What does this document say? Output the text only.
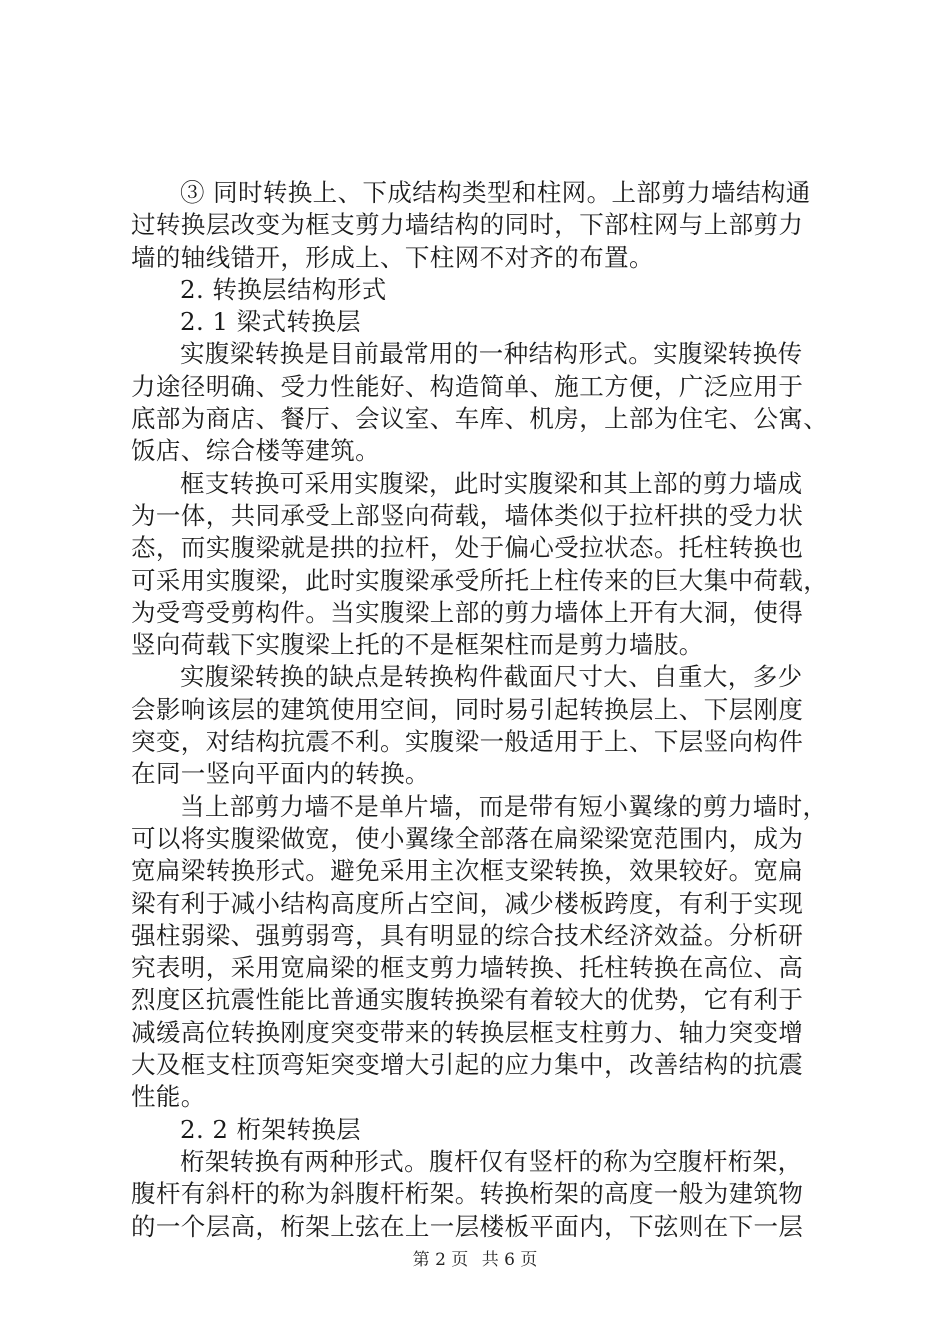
③ 同时转换上、下成结构类型和柱网。上部剪力墙结构通
过转换层改变为框支剪力墙结构的同时，下部柱网与上部剪力
墙的轴线错开，形成上、下柱网不对齐的布置。
2. 转换层结构形式
2. 1 梁式转换层
实腹梁转换是目前最常用的一种结构形式。实腹梁转换传
力途径明确、受力性能好、构造简单、施工方便，广泛应用于
底部为商店、餐厅、会议室、车库、机房，上部为住宅、公寓、
饭店、综合楼等建筑。
框支转换可采用实腹梁，此时实腹梁和其上部的剪力墙成
为一体，共同承受上部竖向荷载，墙体类似于拉杆拱的受力状
态，而实腹梁就是拱的拉杆，处于偏心受拉状态。托柱转换也
可采用实腹梁，此时实腹梁承受所托上柱传来的巨大集中荷载，
为受弯受剪构件。当实腹梁上部的剪力墙体上开有大洞，使得
竖向荷载下实腹梁上托的不是框架柱而是剪力墙肢。
实腹梁转换的缺点是转换构件截面尺寸大、自重大，多少
会影响该层的建筑使用空间，同时易引起转换层上、下层刚度
突变，对结构抗震不利。实腹梁一般适用于上、下层竖向构件
在同一竖向平面内的转换。
当上部剪力墙不是单片墙，而是带有短小翼缘的剪力墙时，
可以将实腹梁做宽，使小翼缘全部落在扁梁梁宽范围内，成为
宽扁梁转换形式。避免采用主次框支梁转换，效果较好。宽扁
梁有利于减小结构高度所占空间，减少楼板跨度，有利于实现
强柱弱梁、强剪弱弯，具有明显的综合技术经济效益。分析研
究表明，采用宽扁梁的框支剪力墙转换、托柱转换在高位、高
烈度区抗震性能比普通实腹转换梁有着较大的优势，它有利于
减缓高位转换刚度突变带来的转换层框支柱剪力、轴力突变增
大及框支柱顶弯矩突变增大引起的应力集中，改善结构的抗震
性能。
2. 2 桁架转换层
桁架转换有两种形式。腹杆仅有竖杆的称为空腹杆桁架，
腹杆有斜杆的称为斜腹杆桁架。转换桁架的高度一般为建筑物
的一个层高，桁架上弦在上一层楼板平面内，下弦则在下一层
第 2 页 共 6 页
